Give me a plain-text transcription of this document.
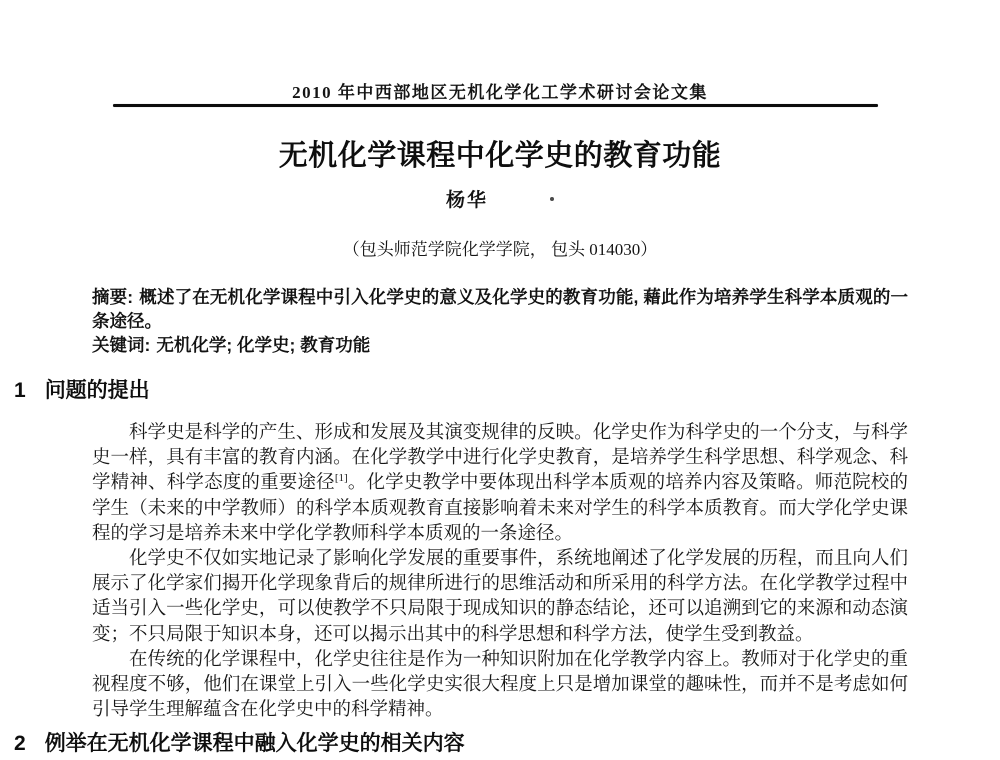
2010 年中西部地区无机化学化工学术研讨会论文集
无机化学课程中化学史的教育功能
杨华
（包头师范学院化学学院， 包头 014030）

摘要: 概述了在无机化学课程中引入化学史的意义及化学史的教育功能, 藉此作为培养学生科学本质观的一条途径。

关键词: 无机化学; 化学史; 教育功能

1 问题的提出

科学史是科学的产生、形成和发展及其演变规律的反映。化学史作为科学史的一个分支，与科学史一样，具有丰富的教育内涵。在化学教学中进行化学史教育，是培养学生科学思想、科学观念、科学精神、科学态度的重要途径[1]。化学史教学中要体现出科学本质观的培养内容及策略。师范院校的学生（未来的中学教师）的科学本质观教育直接影响着未来对学生的科学本质教育。而大学化学史课程的学习是培养未来中学化学教师科学本质观的一条途径。

化学史不仅如实地记录了影响化学发展的重要事件，系统地阐述了化学发展的历程，而且向人们展示了化学家们揭开化学现象背后的规律所进行的思维活动和所采用的科学方法。在化学教学过程中适当引入一些化学史，可以使教学不只局限于现成知识的静态结论，还可以追溯到它的来源和动态演变；不只局限于知识本身，还可以揭示出其中的科学思想和科学方法，使学生受到教益。

在传统的化学课程中，化学史往往是作为一种知识附加在化学教学内容上。教师对于化学史的重视程度不够，他们在课堂上引入一些化学史实很大程度上只是增加课堂的趣味性，而并不是考虑如何引导学生理解蕴含在化学史中的科学精神。

2 例举在无机化学课程中融入化学史的相关内容
